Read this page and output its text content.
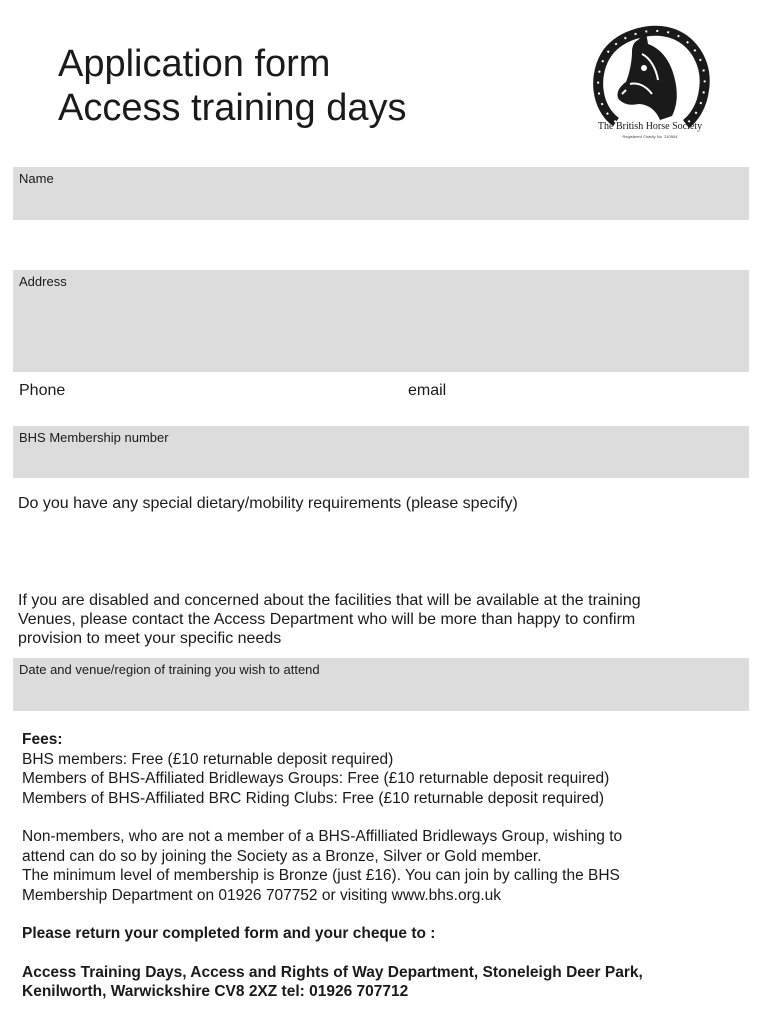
Application form
Access training days	The British Horse Society
Registered Charity No. 210504
Name
Address
Phone	email
BHS Membership number
Do you have any special dietary/mobility requirements (please specify)
If you are disabled and concerned about the facilities that will be available at the training
Venues, please contact the Access Department who will be more than happy to confirm
provision to meet your specific needs
Date and venue/region of training you wish to attend
Fees:
BHS members: Free (£10 returnable deposit required)
Members of BHS-Affiliated Bridleways Groups: Free (£10 returnable deposit required)
Members of BHS-Affiliated BRC Riding Clubs: Free (£10 returnable deposit required)
Non-members, who are not a member of a BHS-Affilliated Bridleways Group, wishing to
attend can do so by joining the Society as a Bronze, Silver or Gold member.
The minimum level of membership is Bronze (just £16). You can join by calling the BHS
Membership Department on 01926 707752 or visiting www.bhs.org.uk
Please return your completed form and your cheque to :
Access Training Days, Access and Rights of Way Department, Stoneleigh Deer Park,
Kenilworth, Warwickshire CV8 2XZ tel: 01926 707712
